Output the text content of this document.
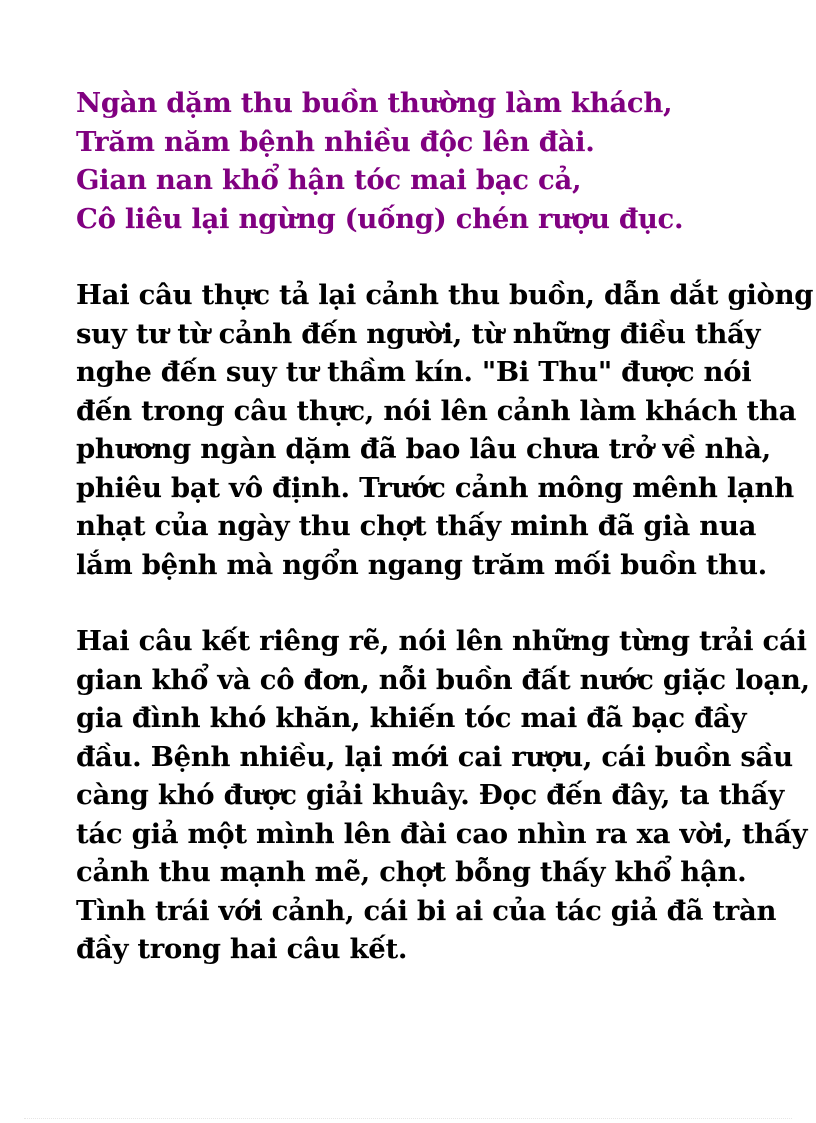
Ngàn dặm thu buồn thường làm khách,
Trăm năm bệnh nhiều độc lên đài.
Gian nan khổ hận tóc mai bạc cả,
Cô liêu lại ngừng (uống) chén rượu đục.
Hai câu thực tả lại cảnh thu buồn, dẫn dắt giòng
suy tư từ cảnh đến người, từ những điều thấy
nghe đến suy tư thầm kín. "Bi Thu" được nói
đến trong câu thực, nói lên cảnh làm khách tha
phương ngàn dặm đã bao lâu chưa trở về nhà,
phiêu bạt vô định. Trước cảnh mông mênh lạnh
nhạt của ngày thu chợt thấy minh đã già nua
lắm bệnh mà ngổn ngang trăm mối buồn thu.
Hai câu kết riêng rẽ, nói lên những từng trải cái
gian khổ và cô đơn, nỗi buồn đất nước giặc loạn,
gia đình khó khăn, khiến tóc mai đã bạc đầy
đầu. Bệnh nhiều, lại mới cai rượu, cái buồn sầu
càng khó được giải khuây. Đọc đến đây, ta thấy
tác giả một mình lên đài cao nhìn ra xa vời, thấy
cảnh thu mạnh mẽ, chợt bỗng thấy khổ hận.
Tình trái với cảnh, cái bi ai của tác giả đã tràn
đầy trong hai câu kết.
